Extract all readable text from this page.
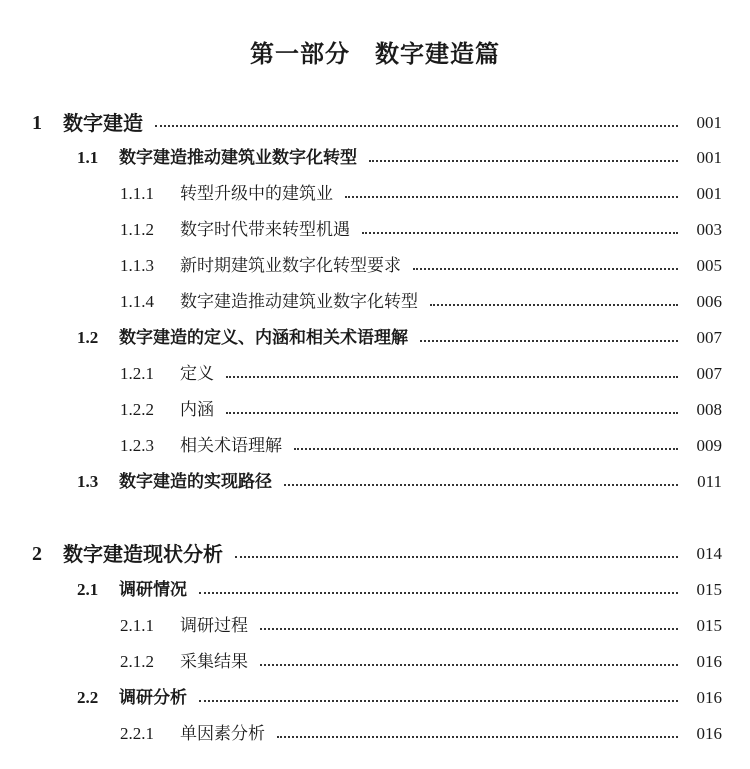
第一部分　数字建造篇
1 数字建造	001
1.1 数字建造推动建筑业数字化转型	001
1.1.1 转型升级中的建筑业	001
1.1.2 数字时代带来转型机遇	003
1.1.3 新时期建筑业数字化转型要求	005
1.1.4 数字建造推动建筑业数字化转型	006
1.2 数字建造的定义、内涵和相关术语理解	007
1.2.1 定义	007
1.2.2 内涵	008
1.2.3 相关术语理解	009
1.3 数字建造的实现路径	011
2 数字建造现状分析	014
2.1 调研情况	015
2.1.1 调研过程	015
2.1.2 采集结果	016
2.2 调研分析	016
2.2.1 单因素分析	016
